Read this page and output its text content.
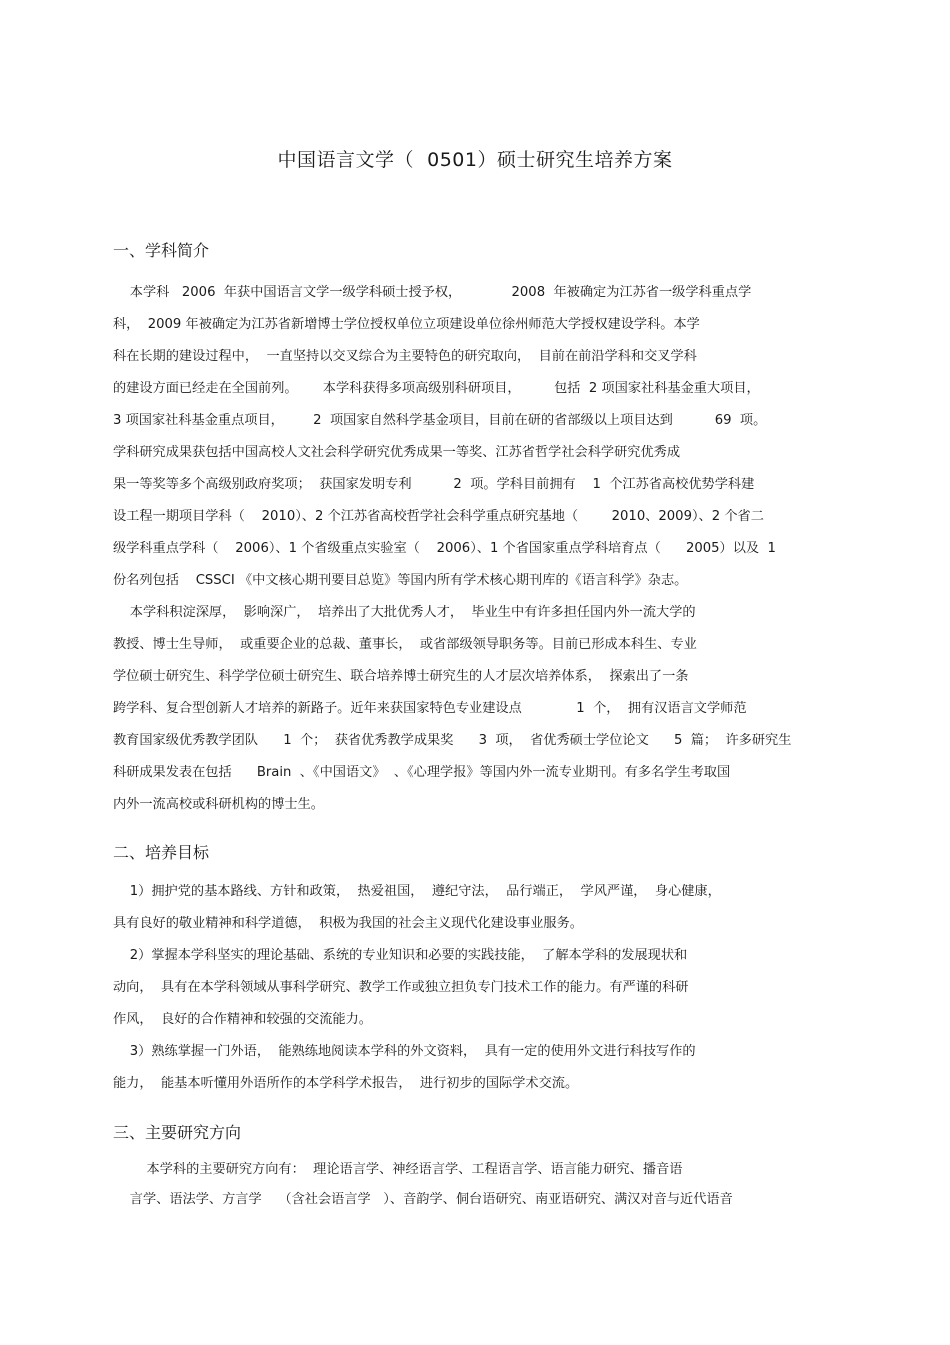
中国语言文学（  0501）硕士研究生培养方案
一、学科简介
本学科   2006  年获中国语言文学一级学科硕士授予权，            2008  年被确定为江苏省一级学科重点学
科，  2009 年被确定为江苏省新增博士学位授权单位立项建设单位徐州师范大学授权建设学科。本学
科在长期的建设过程中，  一直坚持以交叉综合为主要特色的研究取向，  目前在前沿学科和交叉学科
的建设方面已经走在全国前列。      本学科获得多项高级别科研项目，        包括  2 项国家社科基金重大项目，
3 项国家社科基金重点项目，       2  项国家自然科学基金项目，目前在研的省部级以上项目达到          69  项。
学科研究成果获包括中国高校人文社会科学研究优秀成果一等奖、江苏省哲学社会科学研究优秀成
果一等奖等多个高级别政府奖项；  获国家发明专利          2  项。学科目前拥有    1  个江苏省高校优势学科建
设工程一期项目学科（    2010）、2 个江苏省高校哲学社会科学重点研究基地（        2010、2009）、2 个省二
级学科重点学科（    2006）、1 个省级重点实验室（    2006）、1 个省国家重点学科培育点（      2005）以及  1
份名列包括    CSSCI 《中文核心期刊要目总览》等国内所有学术核心期刊库的《语言科学》杂志。
本学科积淀深厚，  影响深广，  培养出了大批优秀人才，  毕业生中有许多担任国内外一流大学的
教授、博士生导师，  或重要企业的总裁、董事长，  或省部级领导职务等。目前已形成本科生、专业
学位硕士研究生、科学学位硕士研究生、联合培养博士研究生的人才层次培养体系，  探索出了一条
跨学科、复合型创新人才培养的新路子。近年来获国家特色专业建设点             1  个，  拥有汉语言文学师范
教育国家级优秀教学团队      1  个；  获省优秀教学成果奖      3  项，  省优秀硕士学位论文      5  篇；  许多研究生
科研成果发表在包括      Brain  、《中国语文》  、《心理学报》等国内外一流专业期刊。有多名学生考取国
内外一流高校或科研机构的博士生。
二、培养目标
1）拥护党的基本路线、方针和政策，  热爱祖国，  遵纪守法，  品行端正，  学风严谨，  身心健康，
具有良好的敬业精神和科学道德，  积极为我国的社会主义现代化建设事业服务。
2）掌握本学科坚实的理论基础、系统的专业知识和必要的实践技能，  了解本学科的发展现状和
动向，  具有在本学科领域从事科学研究、教学工作或独立担负专门技术工作的能力。有严谨的科研
作风，  良好的合作精神和较强的交流能力。
3）熟练掌握一门外语，  能熟练地阅读本学科的外文资料，  具有一定的使用外文进行科技写作的
能力，  能基本听懂用外语所作的本学科学术报告，  进行初步的国际学术交流。
三、主要研究方向
本学科的主要研究方向有：  理论语言学、神经语言学、工程语言学、语言能力研究、播音语
言学、语法学、方言学    （含社会语言学   ）、音韵学、侗台语研究、南亚语研究、满汉对音与近代语音
